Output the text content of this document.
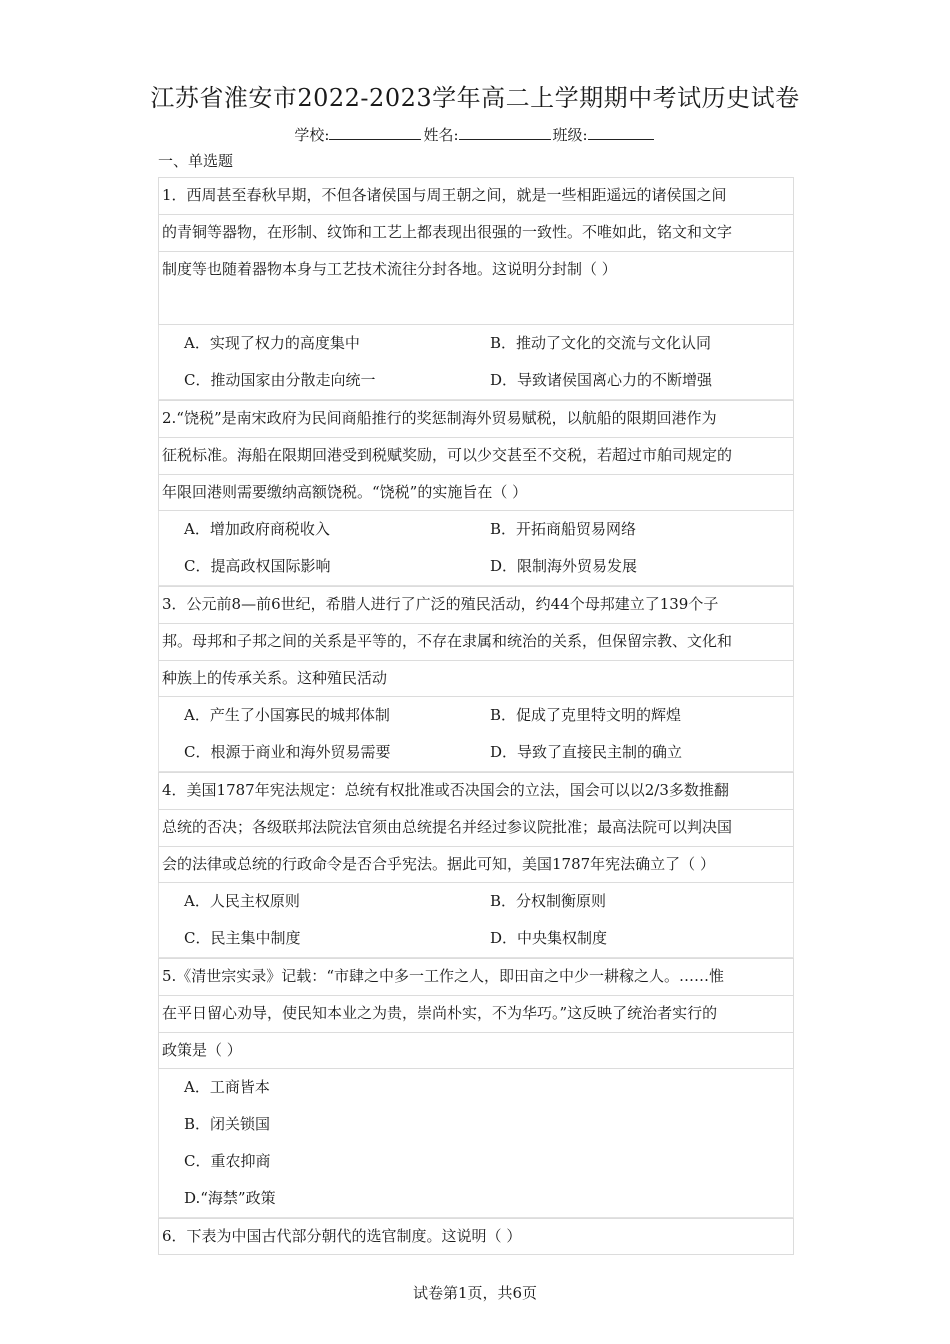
江苏省淮安市2022-2023学年高二上学期期中考试历史试卷
学校:	姓名:	班级:
一、单选题
1．西周甚至春秋早期，不但各诸侯国与周王朝之间，就是一些相距遥远的诸侯国之间
的青铜等器物，在形制、纹饰和工艺上都表现出很强的一致性。不唯如此，铭文和文字
制度等也随着器物本身与工艺技术流往分封各地。这说明分封制（ ）
A．实现了权力的高度集中	B．推动了文化的交流与文化认同
C．推动国家由分散走向统一	D．导致诸侯国离心力的不断增强
2.“饶税”是南宋政府为民间商船推行的奖惩制海外贸易赋税，以航船的限期回港作为
征税标准。海船在限期回港受到税赋奖励，可以少交甚至不交税，若超过市舶司规定的
年限回港则需要缴纳高额饶税。“饶税”的实施旨在（ ）
A．增加政府商税收入	B．开拓商船贸易网络
C．提高政权国际影响	D．限制海外贸易发展
3．公元前8—前6世纪，希腊人进行了广泛的殖民活动，约44个母邦建立了139个子
邦。母邦和子邦之间的关系是平等的，不存在隶属和统治的关系，但保留宗教、文化和
种族上的传承关系。这种殖民活动
A．产生了小国寡民的城邦体制	B．促成了克里特文明的辉煌
C．根源于商业和海外贸易需要	D．导致了直接民主制的确立
4．美国1787年宪法规定：总统有权批准或否决国会的立法，国会可以以2/3多数推翻
总统的否决；各级联邦法院法官须由总统提名并经过参议院批准；最高法院可以判决国
会的法律或总统的行政命令是否合乎宪法。据此可知，美国1787年宪法确立了（ ）
A．人民主权原则	B．分权制衡原则
C．民主集中制度	D．中央集权制度
5.《清世宗实录》记载：“市肆之中多一工作之人，即田亩之中少一耕稼之人。……惟
在平日留心劝导，使民知本业之为贵，崇尚朴实，不为华巧。”这反映了统治者实行的
政策是（ ）
A．工商皆本
B．闭关锁国
C．重农抑商
D.“海禁”政策
6．下表为中国古代部分朝代的选官制度。这说明（ ）
试卷第1页，共6页
